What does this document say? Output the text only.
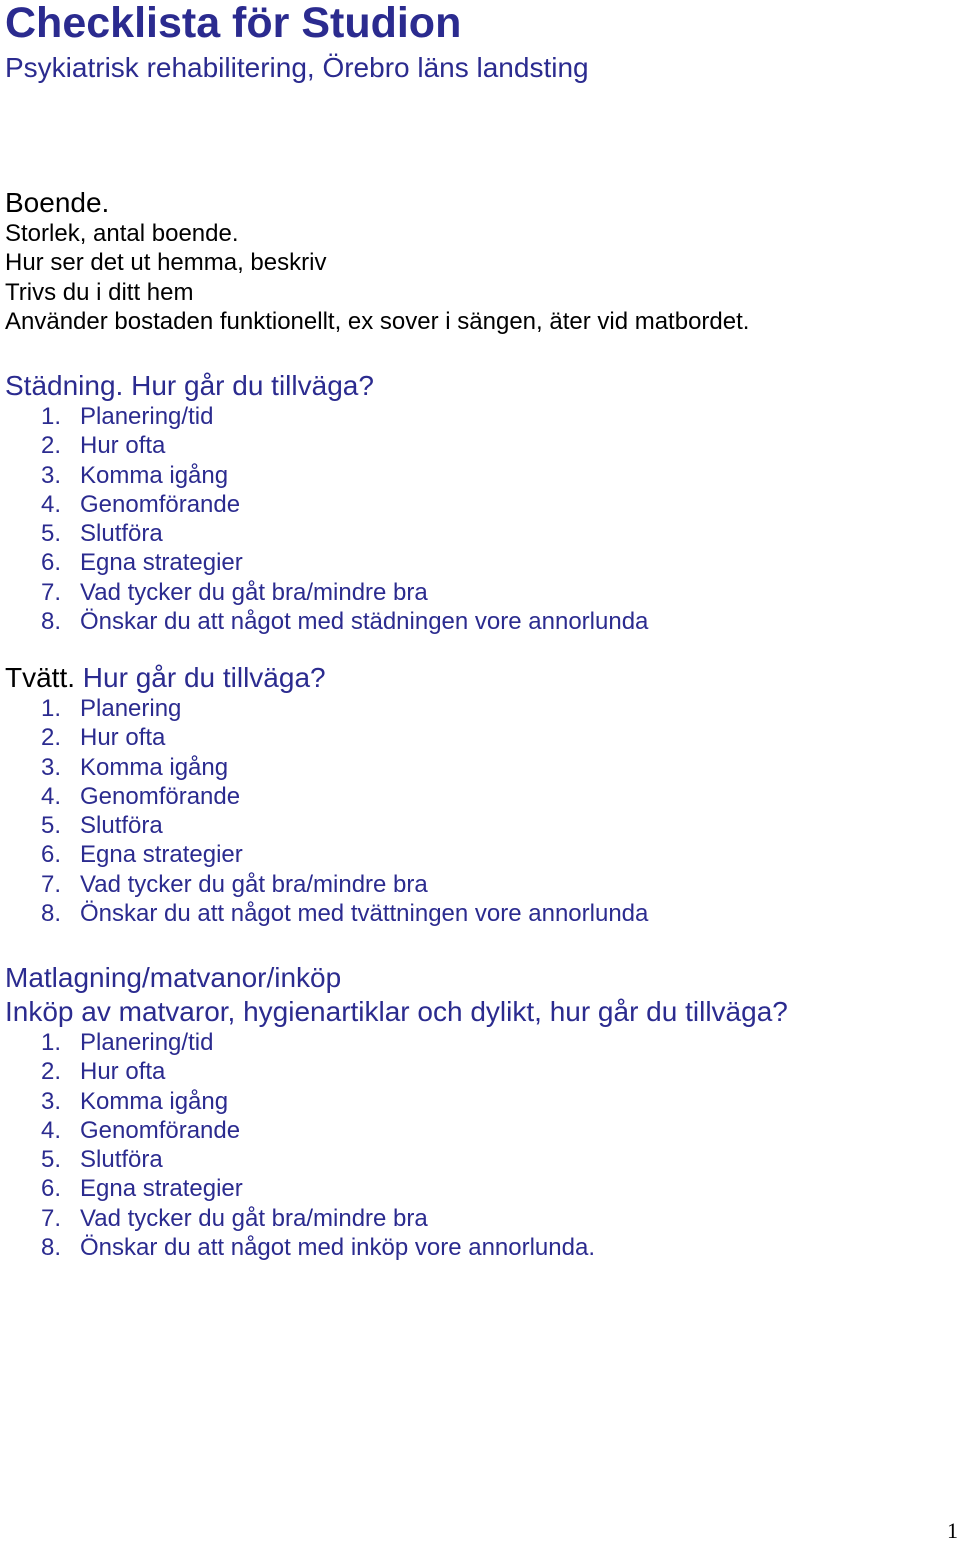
Checklista för Studion
Psykiatrisk rehabilitering, Örebro läns landsting
Boende.
Storlek, antal boende.
Hur ser det ut hemma, beskriv
Trivs du i ditt hem
Använder bostaden funktionellt, ex sover i sängen, äter vid matbordet.
Städning. Hur går du tillväga?
1. Planering/tid
2. Hur ofta
3. Komma igång
4. Genomförande
5. Slutföra
6. Egna strategier
7. Vad tycker du gåt bra/mindre bra
8. Önskar du att något med städningen vore annorlunda
Tvätt. Hur går du tillväga?
1. Planering
2. Hur ofta
3. Komma igång
4. Genomförande
5. Slutföra
6. Egna strategier
7. Vad tycker du gåt bra/mindre bra
8. Önskar du att något med tvättningen vore annorlunda
Matlagning/matvanor/inköp
Inköp av matvaror, hygienartiklar och dylikt, hur går du tillväga?
1. Planering/tid
2. Hur ofta
3. Komma igång
4. Genomförande
5. Slutföra
6. Egna strategier
7. Vad tycker du gåt bra/mindre bra
8. Önskar du att något med inköp vore annorlunda.
1
